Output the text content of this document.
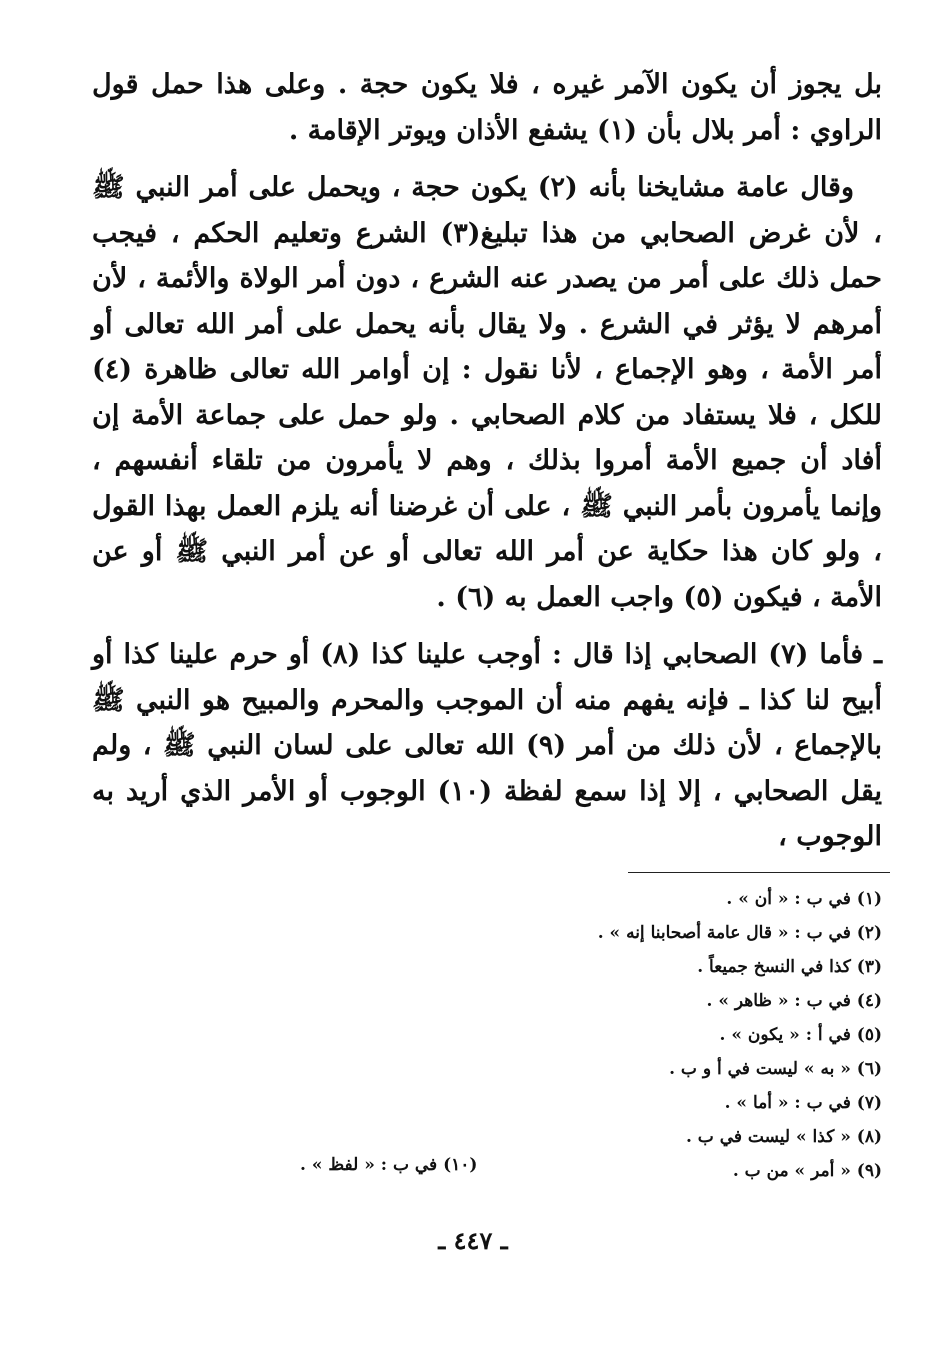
بل يجوز أن يكون الآمر غيره ، فلا يكون حجة . وعلى هذا حمل قول الراوي : أمر بلال بأن (١) يشفع الأذان ويوتر الإقامة .

وقال عامة مشايخنا بأنه (٢) يكون حجة ، ويحمل على أمر النبي ﷺ ، لأن غرض الصحابي من هذا تبليغ(٣) الشرع وتعليم الحكم ، فيجب حمل ذلك على أمر من يصدر عنه الشرع ، دون أمر الولاة والأئمة ، لأن أمرهم لا يؤثر في الشرع . ولا يقال بأنه يحمل على أمر الله تعالى أو أمر الأمة ، وهو الإجماع ، لأنا نقول : إن أوامر الله تعالى ظاهرة (٤) للكل ، فلا يستفاد من كلام الصحابي . ولو حمل على جماعة الأمة إن أفاد أن جميع الأمة أمروا بذلك ، وهم لا يأمرون من تلقاء أنفسهم ، وإنما يأمرون بأمر النبي ﷺ ، على أن غرضنا أنه يلزم العمل بهذا القول ، ولو كان هذا حكاية عن أمر الله تعالى أو عن أمر النبي ﷺ أو عن الأمة ، فيكون (٥) واجب العمل به (٦) .

ـ فأما (٧) الصحابي إذا قال : أوجب علينا كذا (٨) أو حرم علينا كذا أو أبيح لنا كذا ـ فإنه يفهم منه أن الموجب والمحرم والمبيح هو النبي ﷺ بالإجماع ، لأن ذلك من أمر (٩) الله تعالى على لسان النبي ﷺ ، ولم يقل الصحابي ، إلا إذا سمع لفظة (١٠) الوجوب أو الأمر الذي أريد به الوجوب ،

(١) في ب : « أن » .
(٢) في ب : « قال عامة أصحابنا إنه » .
(٣) كذا في النسخ جميعاً .
(٤) في ب : « ظاهر » .
(٥) في أ : « يكون » .
(٦) « به » ليست في أ و ب .
(٧) في ب : « أما » .
(٨) « كذا » ليست في ب .
(٩) « أمر » من ب .
(١٠) في ب : « لفظ » .
ـ ٤٤٧ ـ
